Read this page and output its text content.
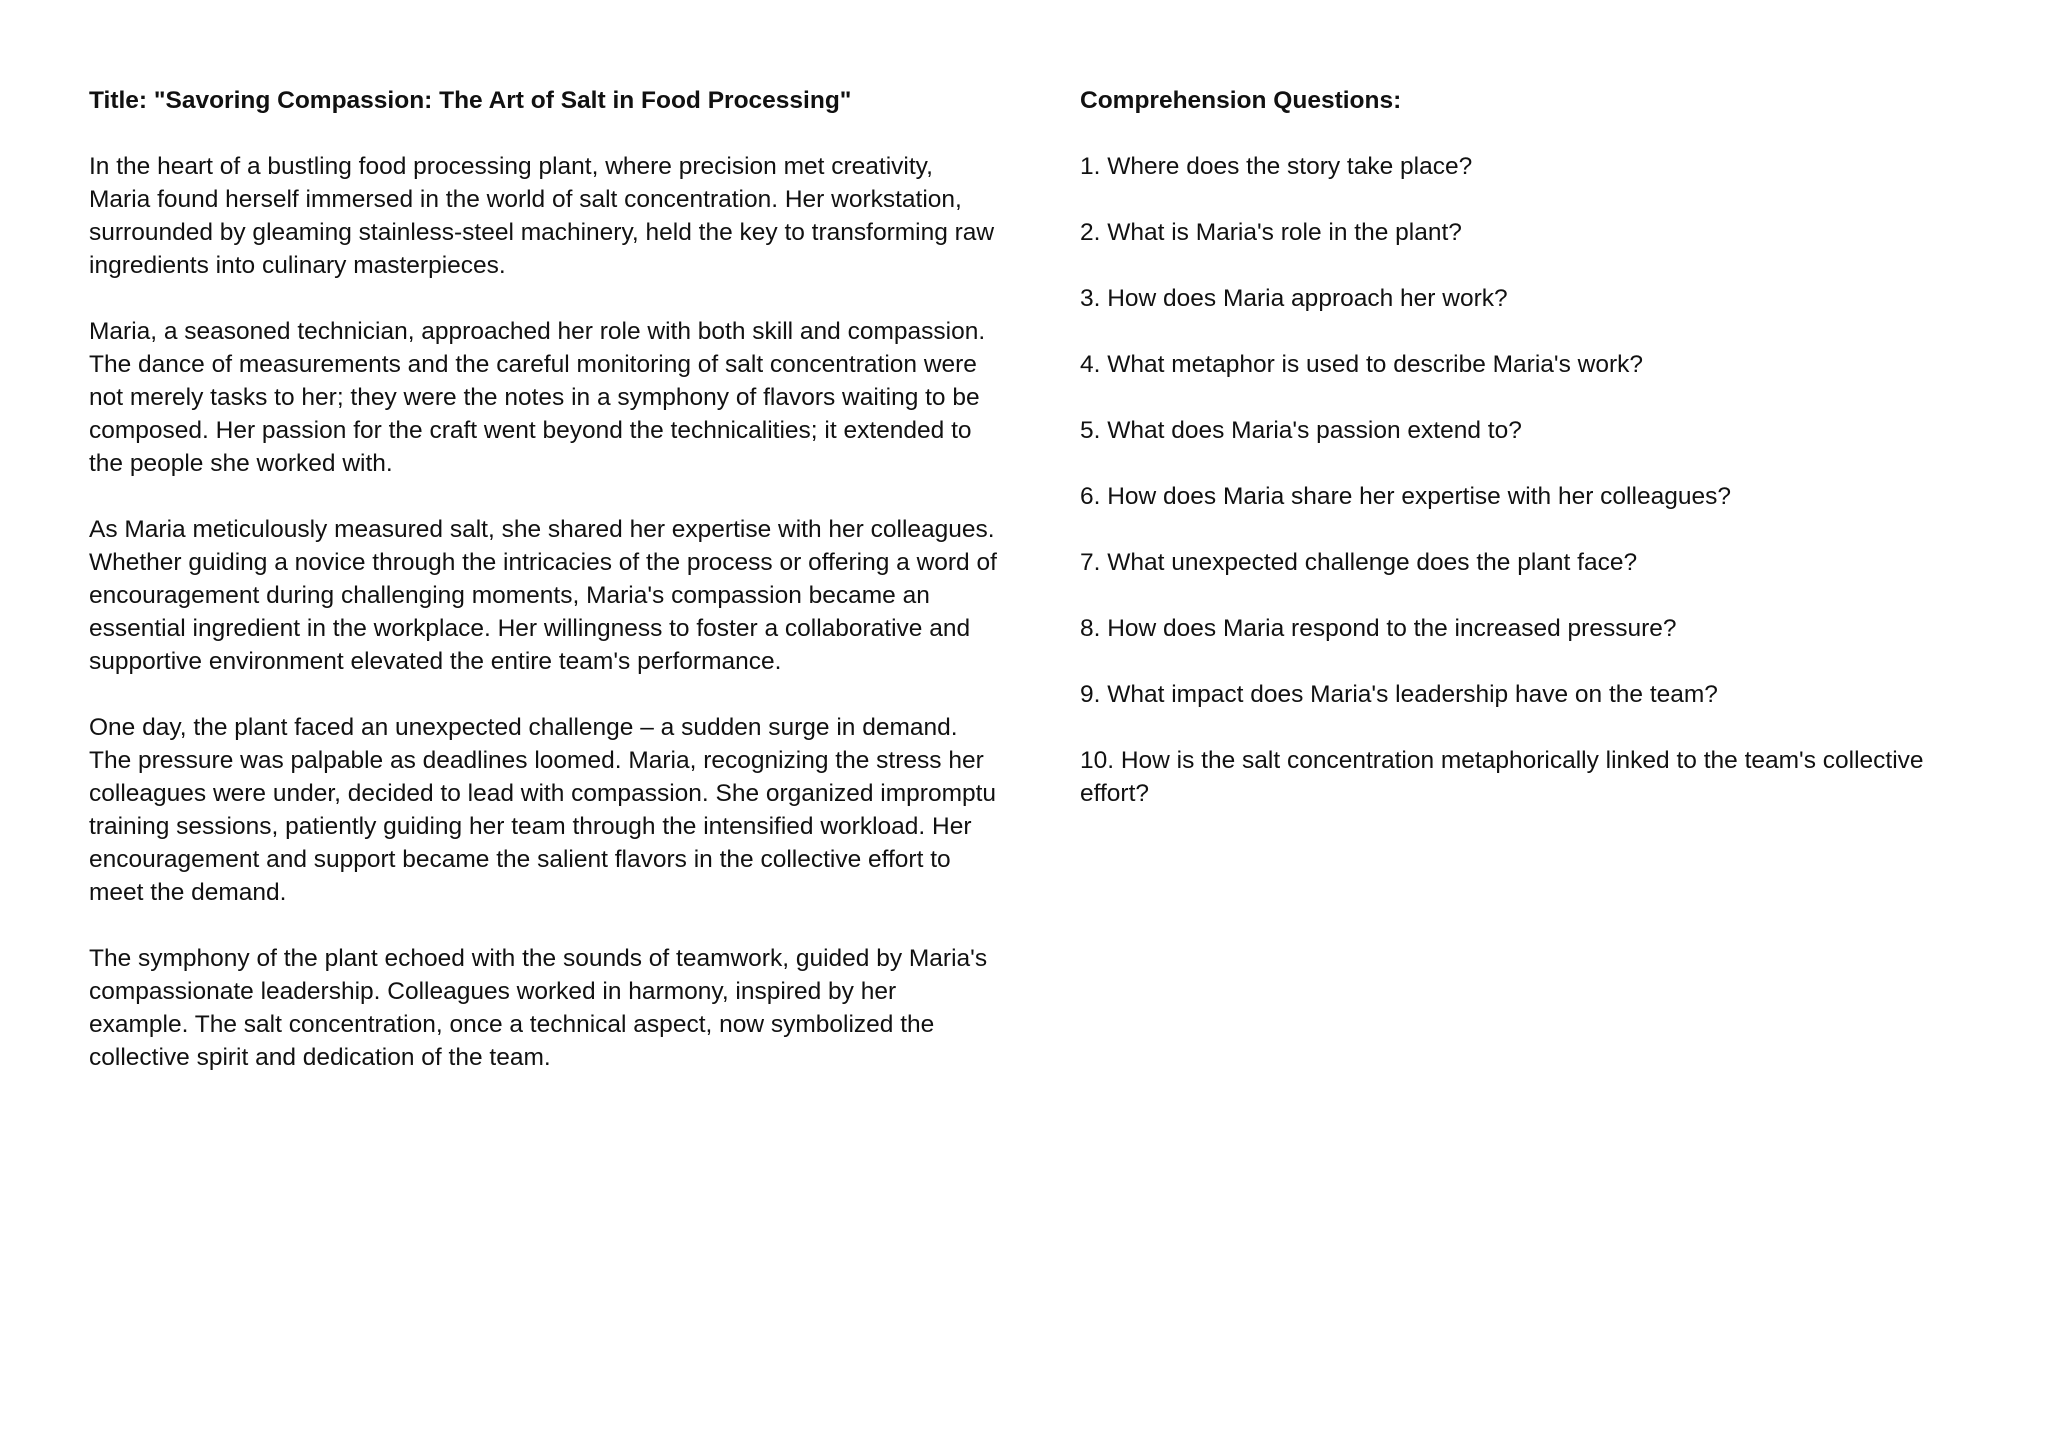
Title: "Savoring Compassion: The Art of Salt in Food Processing"

In the heart of a bustling food processing plant, where precision met creativity, Maria found herself immersed in the world of salt concentration. Her workstation, surrounded by gleaming stainless-steel machinery, held the key to transforming raw ingredients into culinary masterpieces.

Maria, a seasoned technician, approached her role with both skill and compassion. The dance of measurements and the careful monitoring of salt concentration were not merely tasks to her; they were the notes in a symphony of flavors waiting to be composed. Her passion for the craft went beyond the technicalities; it extended to the people she worked with.

As Maria meticulously measured salt, she shared her expertise with her colleagues. Whether guiding a novice through the intricacies of the process or offering a word of encouragement during challenging moments, Maria's compassion became an essential ingredient in the workplace. Her willingness to foster a collaborative and supportive environment elevated the entire team's performance.

One day, the plant faced an unexpected challenge – a sudden surge in demand. The pressure was palpable as deadlines loomed. Maria, recognizing the stress her colleagues were under, decided to lead with compassion. She organized impromptu training sessions, patiently guiding her team through the intensified workload. Her encouragement and support became the salient flavors in the collective effort to meet the demand.

The symphony of the plant echoed with the sounds of teamwork, guided by Maria's compassionate leadership. Colleagues worked in harmony, inspired by her example. The salt concentration, once a technical aspect, now symbolized the collective spirit and dedication of the team.

Comprehension Questions:
1. Where does the story take place?
2. What is Maria's role in the plant?
3. How does Maria approach her work?
4. What metaphor is used to describe Maria's work?
5. What does Maria's passion extend to?
6. How does Maria share her expertise with her colleagues?
7. What unexpected challenge does the plant face?
8. How does Maria respond to the increased pressure?
9. What impact does Maria's leadership have on the team?
10. How is the salt concentration metaphorically linked to the team's collective effort?
